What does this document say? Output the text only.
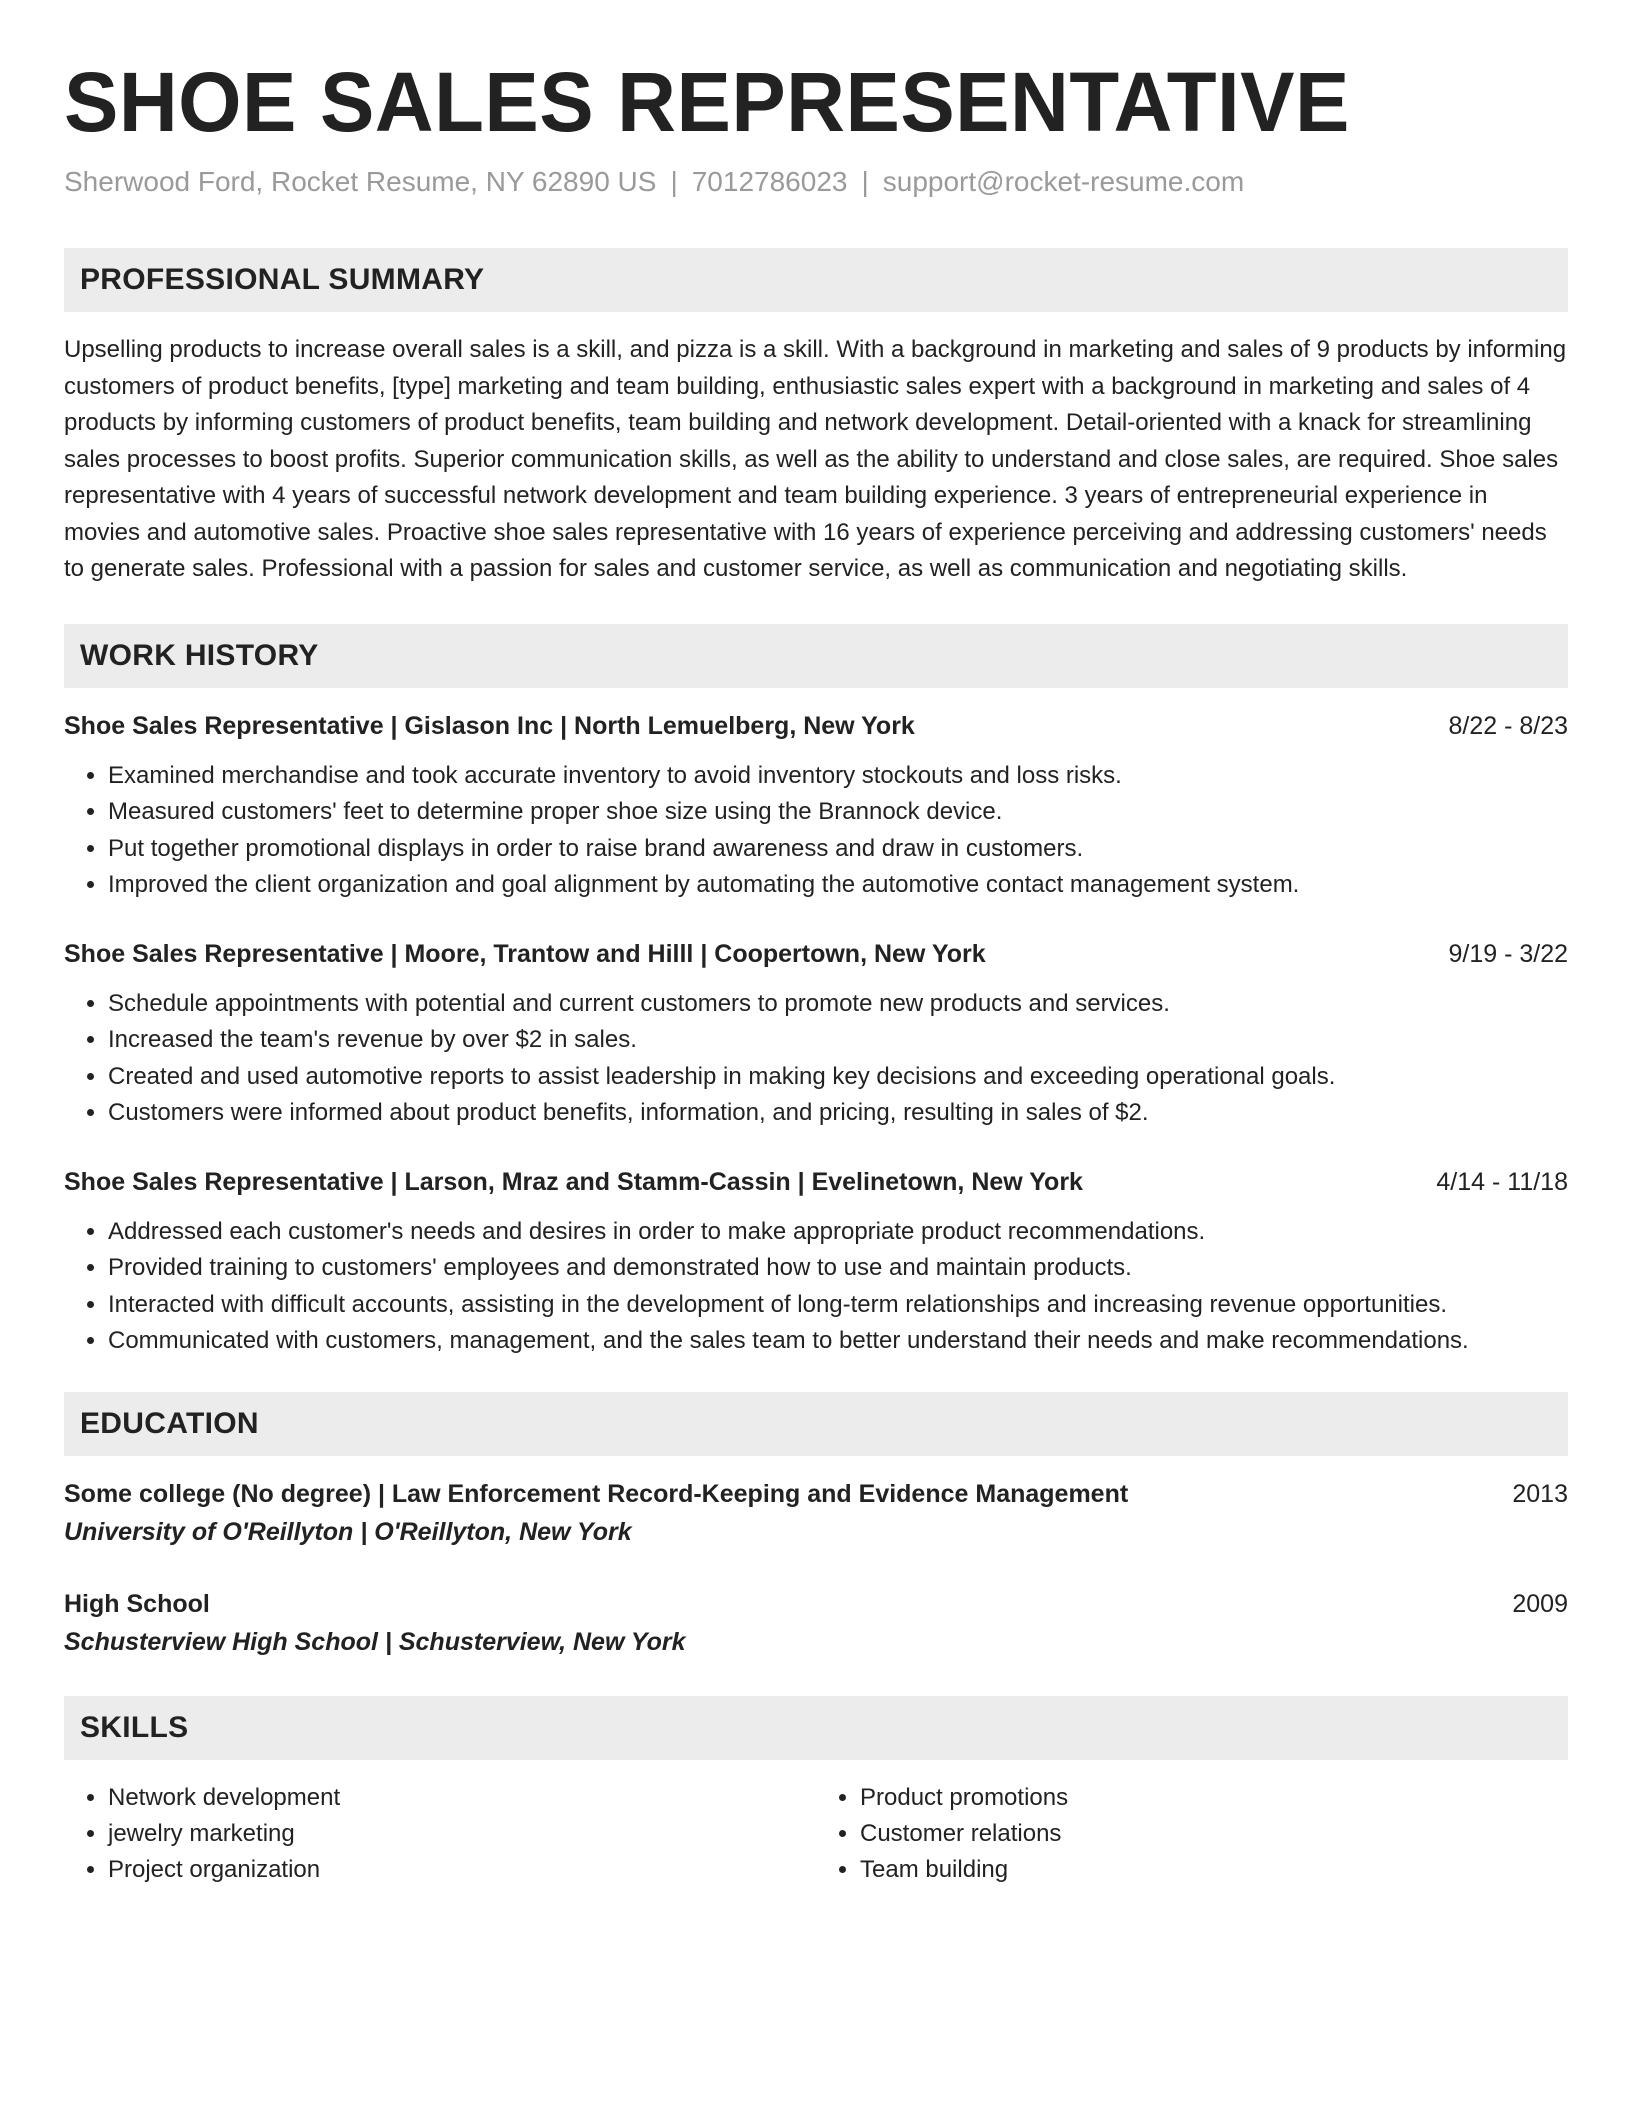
SHOE SALES REPRESENTATIVE
Sherwood Ford, Rocket Resume, NY 62890 US | 7012786023 | support@rocket-resume.com
PROFESSIONAL SUMMARY

Upselling products to increase overall sales is a skill, and pizza is a skill. With a background in marketing and sales of 9 products by informing customers of product benefits, [type] marketing and team building, enthusiastic sales expert with a background in marketing and sales of 4 products by informing customers of product benefits, team building and network development. Detail-oriented with a knack for streamlining sales processes to boost profits. Superior communication skills, as well as the ability to understand and close sales, are required. Shoe sales representative with 4 years of successful network development and team building experience. 3 years of entrepreneurial experience in movies and automotive sales. Proactive shoe sales representative with 16 years of experience perceiving and addressing customers' needs to generate sales. Professional with a passion for sales and customer service, as well as communication and negotiating skills.

WORK HISTORY
Shoe Sales Representative | Gislason Inc | North Lemuelberg, New York	8/22 - 8/23
• Examined merchandise and took accurate inventory to avoid inventory stockouts and loss risks.
• Measured customers' feet to determine proper shoe size using the Brannock device.
• Put together promotional displays in order to raise brand awareness and draw in customers.
• Improved the client organization and goal alignment by automating the automotive contact management system.
Shoe Sales Representative | Moore, Trantow and Hilll | Coopertown, New York	9/19 - 3/22
• Schedule appointments with potential and current customers to promote new products and services.
• Increased the team's revenue by over $2 in sales.
• Created and used automotive reports to assist leadership in making key decisions and exceeding operational goals.
• Customers were informed about product benefits, information, and pricing, resulting in sales of $2.
Shoe Sales Representative | Larson, Mraz and Stamm-Cassin | Evelinetown, New York	4/14 - 11/18
• Addressed each customer's needs and desires in order to make appropriate product recommendations.
• Provided training to customers' employees and demonstrated how to use and maintain products.
• Interacted with difficult accounts, assisting in the development of long-term relationships and increasing revenue opportunities.
• Communicated with customers, management, and the sales team to better understand their needs and make recommendations.
EDUCATION
Some college (No degree) | Law Enforcement Record-Keeping and Evidence Management	2013
University of O'Reillyton | O'Reillyton, New York
High School	2009
Schusterview High School | Schusterview, New York
SKILLS
• Network development
• jewelry marketing
• Project organization
• Product promotions
• Customer relations
• Team building
